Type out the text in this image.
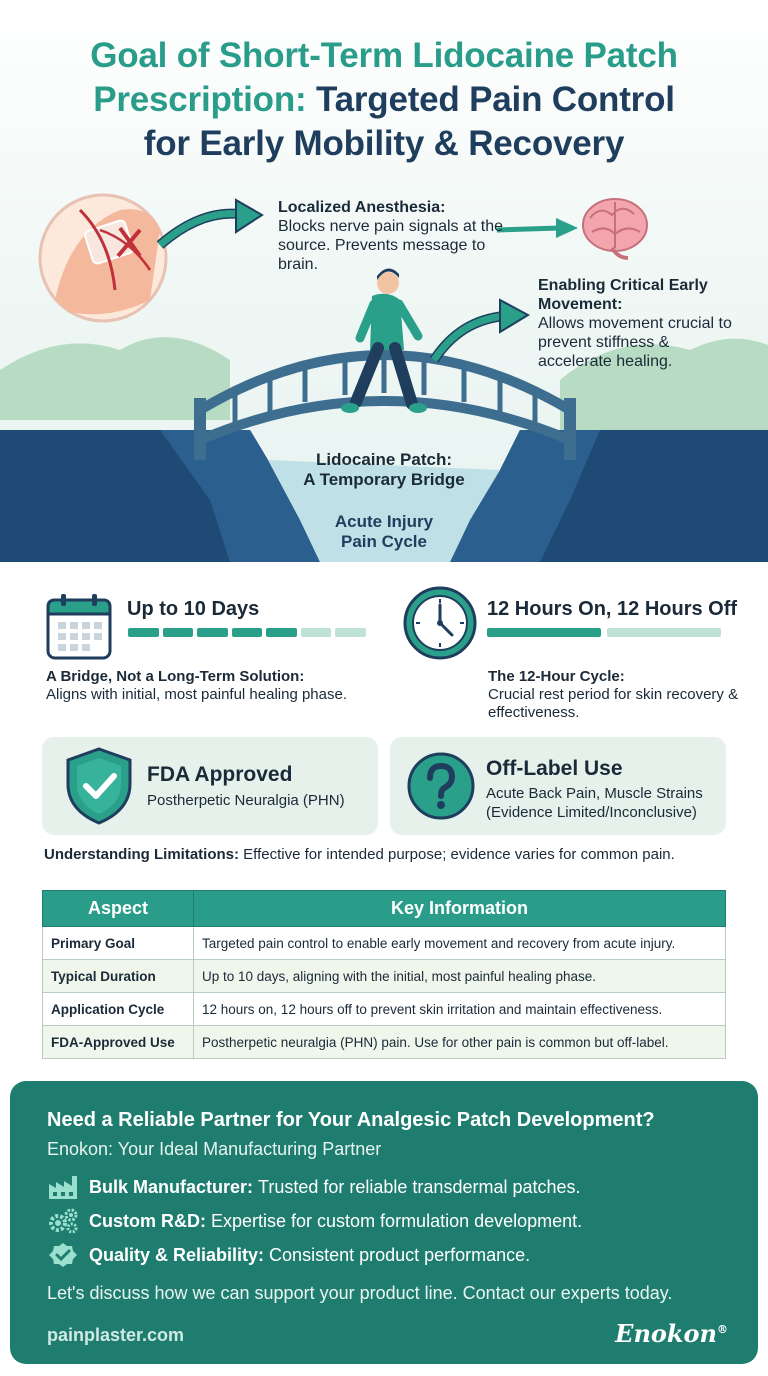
Goal of Short-Term Lidocaine Patch
Prescription: Targeted Pain Control
for Early Mobility & Recovery
Localized Anesthesia:
Blocks nerve pain signals at the source. Prevents message to brain.
Enabling Critical Early Movement:
Allows movement crucial to prevent stiffness & accelerate healing.
Lidocaine Patch:
A Temporary Bridge
Acute Injury
Pain Cycle
Up to 10 Days
A Bridge, Not a Long-Term Solution:
Aligns with initial, most painful healing phase.
12 Hours On, 12 Hours Off
The 12-Hour Cycle:
Crucial rest period for skin recovery & effectiveness.
FDA Approved
Postherpetic Neuralgia (PHN)
Off-Label Use
Acute Back Pain, Muscle Strains
(Evidence Limited/Inconclusive)
Understanding Limitations: Effective for intended purpose; evidence varies for common pain.
Aspect	Key Information
Primary Goal	Targeted pain control to enable early movement and recovery from acute injury.
Typical Duration	Up to 10 days, aligning with the initial, most painful healing phase.
Application Cycle	12 hours on, 12 hours off to prevent skin irritation and maintain effectiveness.
FDA-Approved Use	Postherpetic neuralgia (PHN) pain. Use for other pain is common but off-label.
Need a Reliable Partner for Your Analgesic Patch Development?
Enokon: Your Ideal Manufacturing Partner
Bulk Manufacturer: Trusted for reliable transdermal patches.
Custom R&D: Expertise for custom formulation development.
Quality & Reliability: Consistent product performance.
Let's discuss how we can support your product line. Contact our experts today.
painplaster.com	Enokon®
